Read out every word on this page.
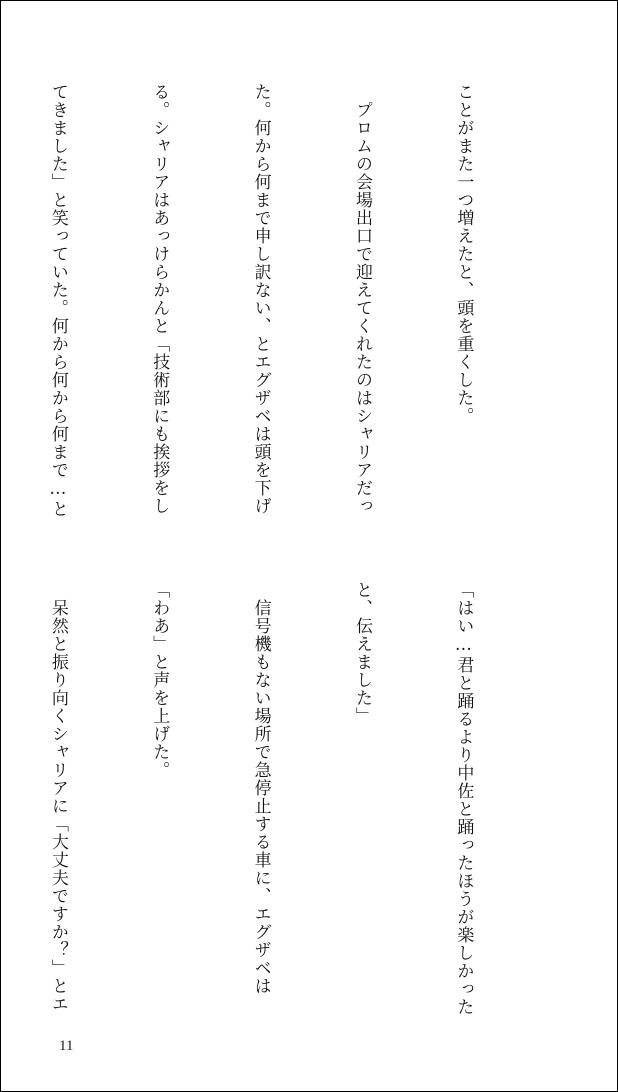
ことがまた一つ増えたと、頭を重くした。

　プロムの会場出口で迎えてくれたのはシャリアだっ

た。何から何まで申し訳ない、とエグザベは頭を下げ

る。シャリアはあっけらかんと「技術部にも挨拶をし

てきました」と笑っていた。何から何から何まで…と

「はい…君と踊るより中佐と踊ったほうが楽しかった

と、伝えました」

　信号機もない場所で急停止する車に、エグザベは

「わあ」と声を上げた。

　呆然と振り向くシャリアに「大丈夫ですか？」とエ

11
